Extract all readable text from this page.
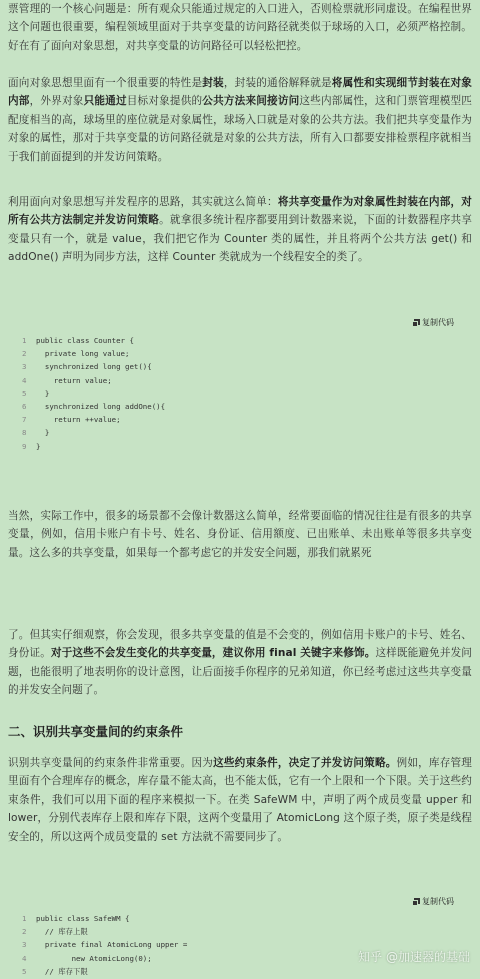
票管理的一个核心问题是：所有观众只能通过规定的入口进入，否则检票就形同虚设。在编程世界这个问题也很重要，编程领域里面对于共享变量的访问路径就类似于球场的入口，必须严格控制。好在有了面向对象思想，对共享变量的访问路径可以轻松把控。

面向对象思想里面有一个很重要的特性是封装，封装的通俗解释就是将属性和实现细节封装在对象内部，外界对象只能通过目标对象提供的公共方法来间接访问这些内部属性，这和门票管理模型匹配度相当的高，球场里的座位就是对象属性，球场入口就是对象的公共方法。我们把共享变量作为对象的属性，那对于共享变量的访问路径就是对象的公共方法，所有入口都要安排检票程序就相当于我们前面提到的并发访问策略。

利用面向对象思想写并发程序的思路，其实就这么简单：将共享变量作为对象属性封装在内部，对所有公共方法制定并发访问策略。就拿很多统计程序都要用到计数器来说，下面的计数器程序共享变量只有一个，就是 value，我们把它作为 Counter 类的属性，并且将两个公共方法 get() 和 addOne() 声明为同步方法，这样 Counter 类就成为一个线程安全的类了。

复制代码
1 public class Counter {
2  private long value;
3  synchronized long get(){
4    return value;
5  }
6  synchronized long addOne(){
7    return ++value;
8  }
9 }

当然，实际工作中，很多的场景都不会像计数器这么简单，经常要面临的情况往往是有很多的共享变量，例如，信用卡账户有卡号、姓名、身份证、信用额度、已出账单、未出账单等很多共享变量。这么多的共享变量，如果每一个都考虑它的并发安全问题，那我们就累死

了。但其实仔细观察，你会发现，很多共享变量的值是不会变的，例如信用卡账户的卡号、姓名、身份证。对于这些不会发生变化的共享变量，建议你用 final 关键字来修饰。这样既能避免并发问题，也能很明了地表明你的设计意图，让后面接手你程序的兄弟知道，你已经考虑过这些共享变量的并发安全问题了。

二、识别共享变量间的约束条件

识别共享变量间的约束条件非常重要。因为这些约束条件，决定了并发访问策略。例如，库存管理里面有个合理库存的概念，库存量不能太高，也不能太低，它有一个上限和一个下限。关于这些约束条件，我们可以用下面的程序来模拟一下。在类 SafeWM 中，声明了两个成员变量 upper 和 lower，分别代表库存上限和库存下限，这两个变量用了 AtomicLong 这个原子类，原子类是线程安全的，所以这两个成员变量的 set 方法就不需要同步了。

复制代码
1 public class SafeWM {
2  // 库存上限
3  private final AtomicLong upper =
4        new AtomicLong(0);
5  // 库存下限
知乎 @加速器的基础
